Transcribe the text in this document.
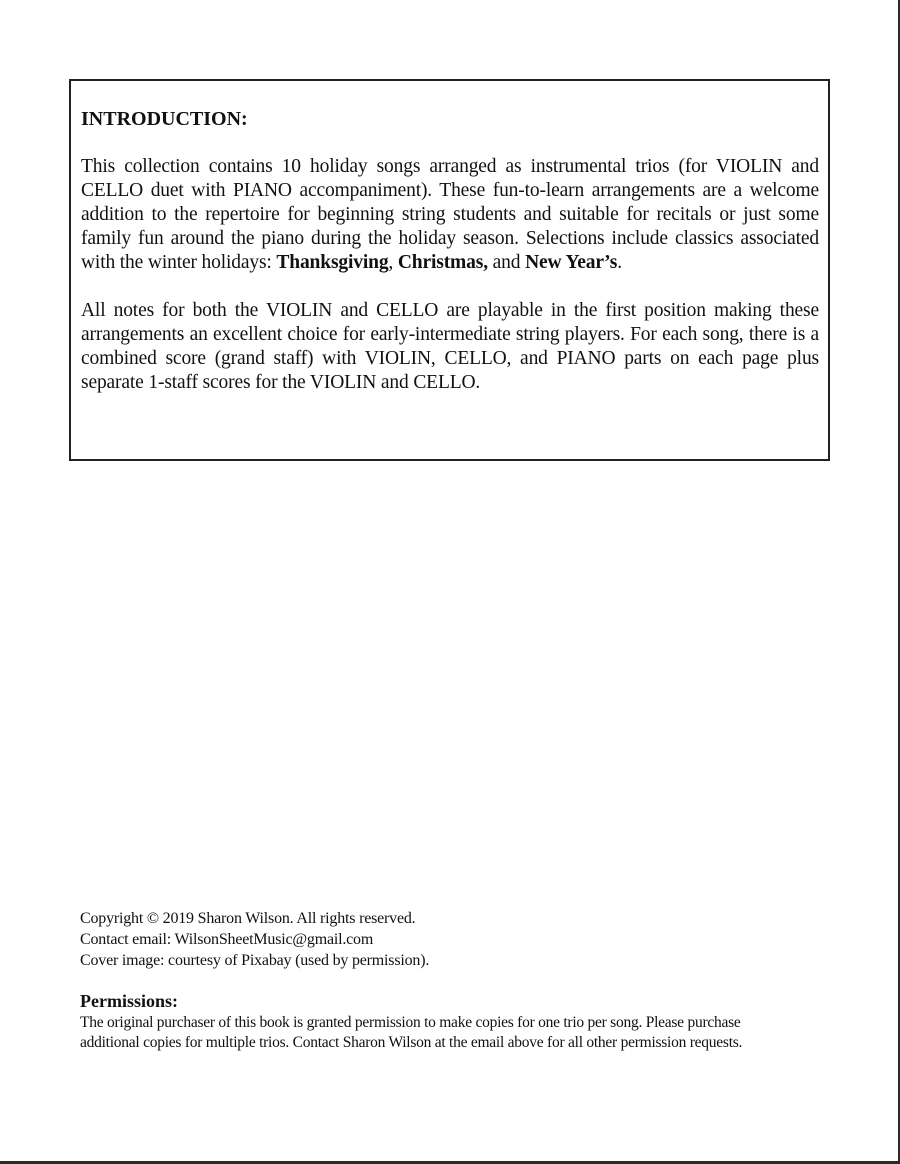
INTRODUCTION:

This collection contains 10 holiday songs arranged as instrumental trios (for VIOLIN and CELLO duet with PIANO accompaniment). These fun-to-learn arrangements are a welcome addition to the repertoire for beginning string students and suitable for recitals or just some family fun around the piano during the holiday season. Selections include classics associated with the winter holidays: Thanksgiving, Christmas, and New Year’s.

All notes for both the VIOLIN and CELLO are playable in the first position making these arrangements an excellent choice for early-intermediate string players. For each song, there is a combined score (grand staff) with VIOLIN, CELLO, and PIANO parts on each page plus separate 1-staff scores for the VIOLIN and CELLO.

Copyright © 2019 Sharon Wilson. All rights reserved.

Contact email: WilsonSheetMusic@gmail.com

Cover image: courtesy of Pixabay (used by permission).

Permissions:

The original purchaser of this book is granted permission to make copies for one trio per song. Please purchase additional copies for multiple trios. Contact Sharon Wilson at the email above for all other permission requests.
